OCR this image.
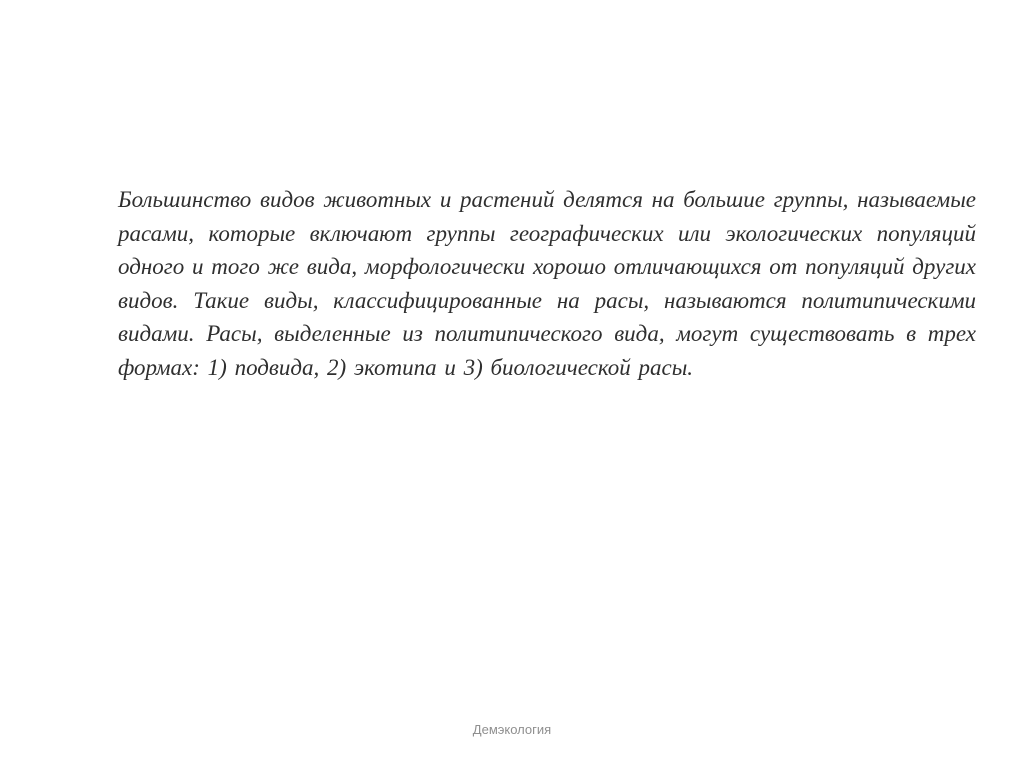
Большинство видов животных и растений делятся на большие группы, называемые расами, которые включают группы географических или экологических популяций одного и того же вида, морфологически хорошо отличающихся от популяций других видов. Такие виды, классифицированные на расы, называются политипическими видами. Расы, выделенные из политипического вида, могут существовать в трех формах: 1) подвида, 2) экотипа и 3) биологической расы.
Демэкология
